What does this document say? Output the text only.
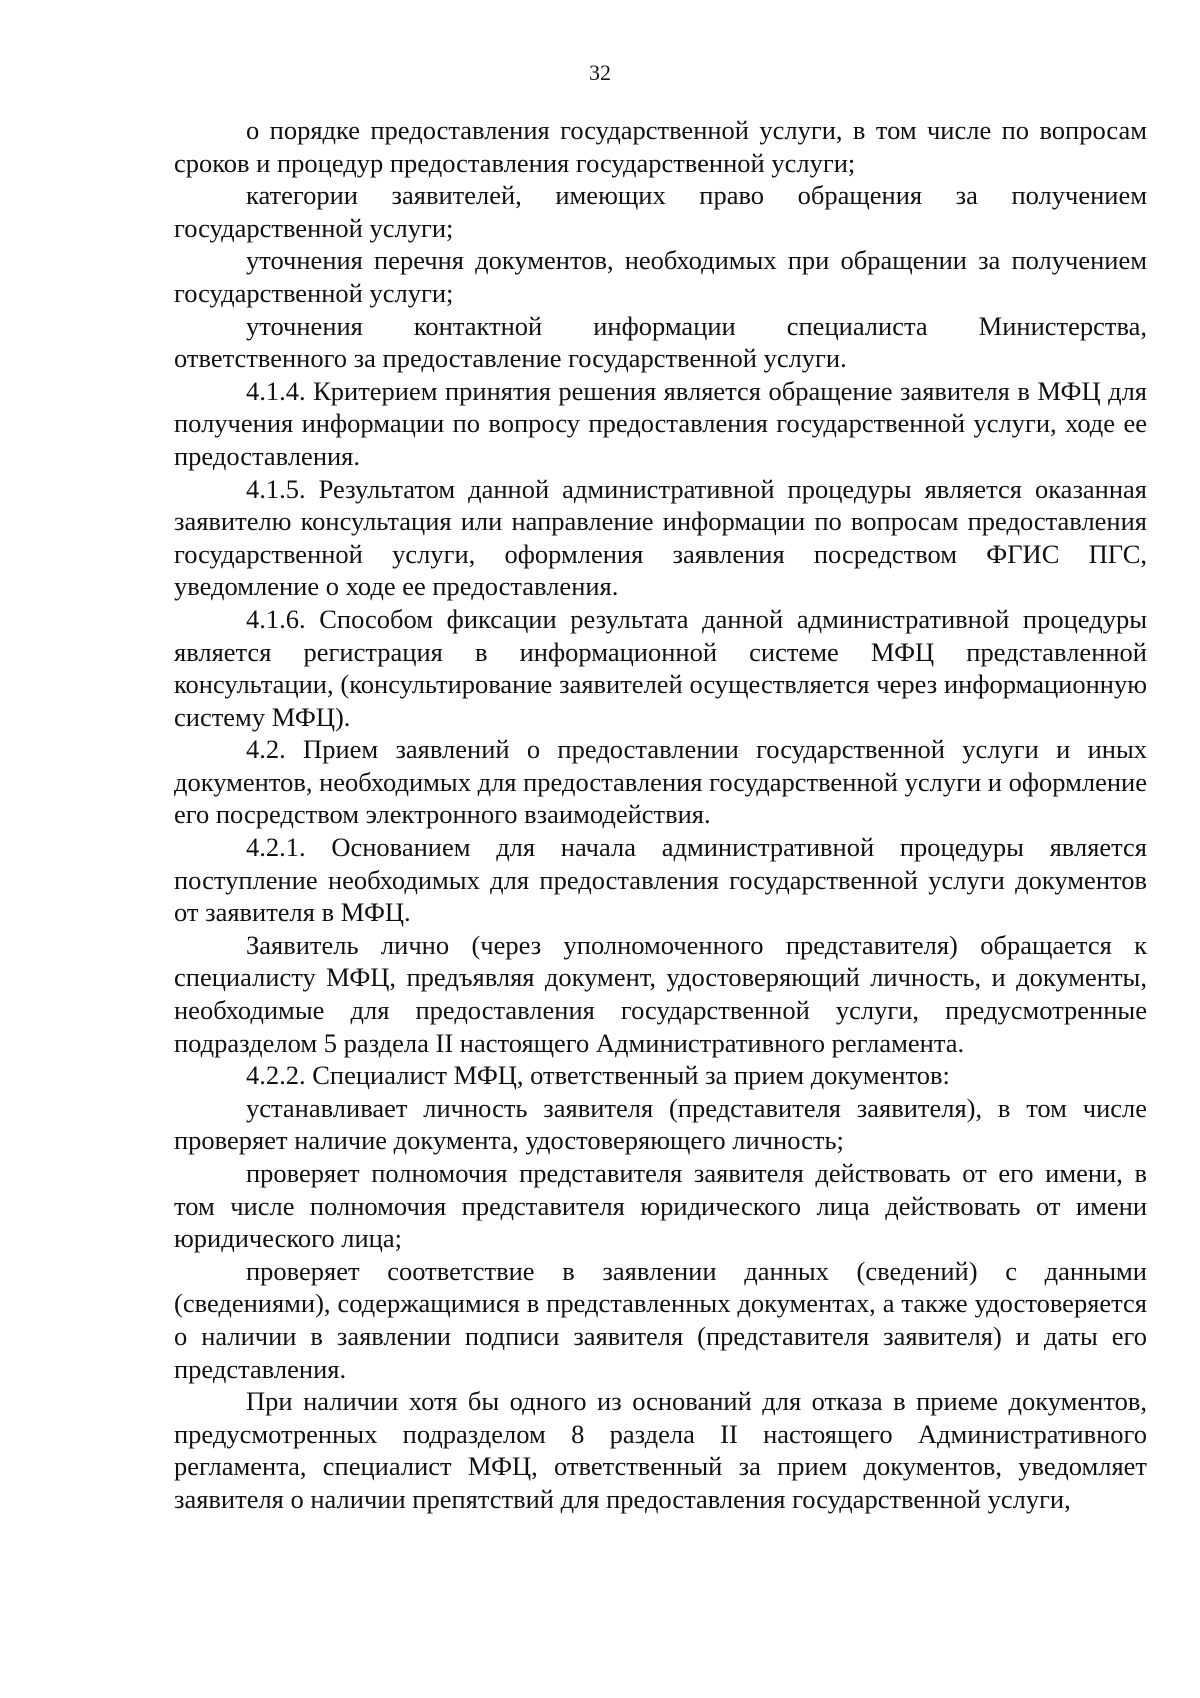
32

о порядке предоставления государственной услуги, в том числе по вопросам сроков и процедур предоставления государственной услуги;

категории заявителей, имеющих право обращения за получением государственной услуги;

уточнения перечня документов, необходимых при обращении за получением государственной услуги;

уточнения контактной информации специалиста Министерства, ответственного за предоставление государственной услуги.

4.1.4. Критерием принятия решения является обращение заявителя в МФЦ для получения информации по вопросу предоставления государственной услуги, ходе ее предоставления.

4.1.5. Результатом данной административной процедуры является оказанная заявителю консультация или направление информации по вопросам предоставления государственной услуги, оформления заявления посредством ФГИС ПГС, уведомление о ходе ее предоставления.

4.1.6. Способом фиксации результата данной административной процедуры является регистрация в информационной системе МФЦ представленной консультации, (консультирование заявителей осуществляется через информационную систему МФЦ).

4.2. Прием заявлений о предоставлении государственной услуги и иных документов, необходимых для предоставления государственной услуги и оформление его посредством электронного взаимодействия.

4.2.1. Основанием для начала административной процедуры является поступление необходимых для предоставления государственной услуги документов от заявителя в МФЦ.

Заявитель лично (через уполномоченного представителя) обращается к специалисту МФЦ, предъявляя документ, удостоверяющий личность, и документы, необходимые для предоставления государственной услуги, предусмотренные подразделом 5 раздела II настоящего Административного регламента.

4.2.2. Специалист МФЦ, ответственный за прием документов:

устанавливает личность заявителя (представителя заявителя), в том числе проверяет наличие документа, удостоверяющего личность;

проверяет полномочия представителя заявителя действовать от его имени, в том числе полномочия представителя юридического лица действовать от имени юридического лица;

проверяет соответствие в заявлении данных (сведений) с данными (сведениями), содержащимися в представленных документах, а также удостоверяется о наличии в заявлении подписи заявителя (представителя заявителя) и даты его представления.

При наличии хотя бы одного из оснований для отказа в приеме документов, предусмотренных подразделом 8 раздела II настоящего Административного регламента, специалист МФЦ, ответственный за прием документов, уведомляет заявителя о наличии препятствий для предоставления государственной услуги,
